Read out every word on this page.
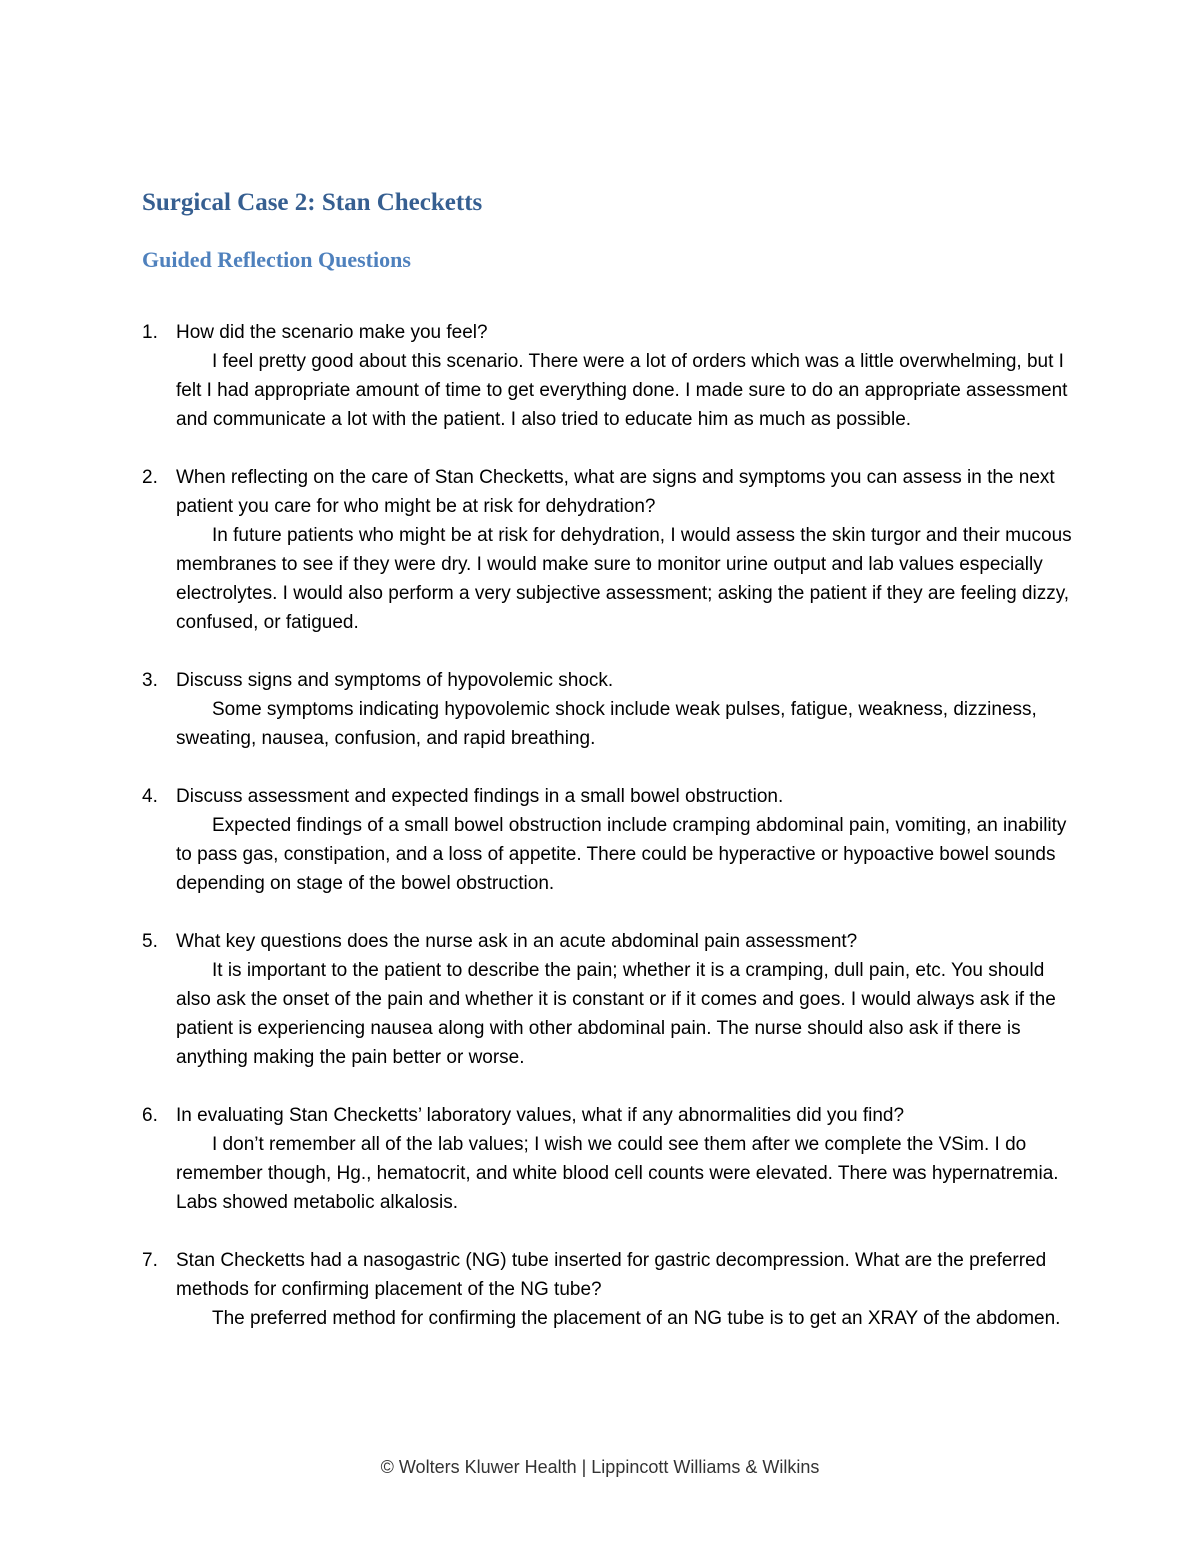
Surgical Case 2: Stan Checketts
Guided Reflection Questions
1. How did the scenario make you feel?
I feel pretty good about this scenario. There were a lot of orders which was a little overwhelming, but I felt I had appropriate amount of time to get everything done. I made sure to do an appropriate assessment and communicate a lot with the patient. I also tried to educate him as much as possible.
2. When reflecting on the care of Stan Checketts, what are signs and symptoms you can assess in the next patient you care for who might be at risk for dehydration?
In future patients who might be at risk for dehydration, I would assess the skin turgor and their mucous membranes to see if they were dry. I would make sure to monitor urine output and lab values especially electrolytes. I would also perform a very subjective assessment; asking the patient if they are feeling dizzy, confused, or fatigued.
3. Discuss signs and symptoms of hypovolemic shock.
Some symptoms indicating hypovolemic shock include weak pulses, fatigue, weakness, dizziness, sweating, nausea, confusion, and rapid breathing.
4. Discuss assessment and expected findings in a small bowel obstruction.
Expected findings of a small bowel obstruction include cramping abdominal pain, vomiting, an inability to pass gas, constipation, and a loss of appetite. There could be hyperactive or hypoactive bowel sounds depending on stage of the bowel obstruction.
5. What key questions does the nurse ask in an acute abdominal pain assessment?
It is important to the patient to describe the pain; whether it is a cramping, dull pain, etc. You should also ask the onset of the pain and whether it is constant or if it comes and goes. I would always ask if the patient is experiencing nausea along with other abdominal pain. The nurse should also ask if there is anything making the pain better or worse.
6. In evaluating Stan Checketts’ laboratory values, what if any abnormalities did you find?
I don’t remember all of the lab values; I wish we could see them after we complete the VSim. I do remember though, Hg., hematocrit, and white blood cell counts were elevated. There was hypernatremia. Labs showed metabolic alkalosis.
7. Stan Checketts had a nasogastric (NG) tube inserted for gastric decompression. What are the preferred methods for confirming placement of the NG tube?
The preferred method for confirming the placement of an NG tube is to get an XRAY of the abdomen.
© Wolters Kluwer Health | Lippincott Williams & Wilkins
